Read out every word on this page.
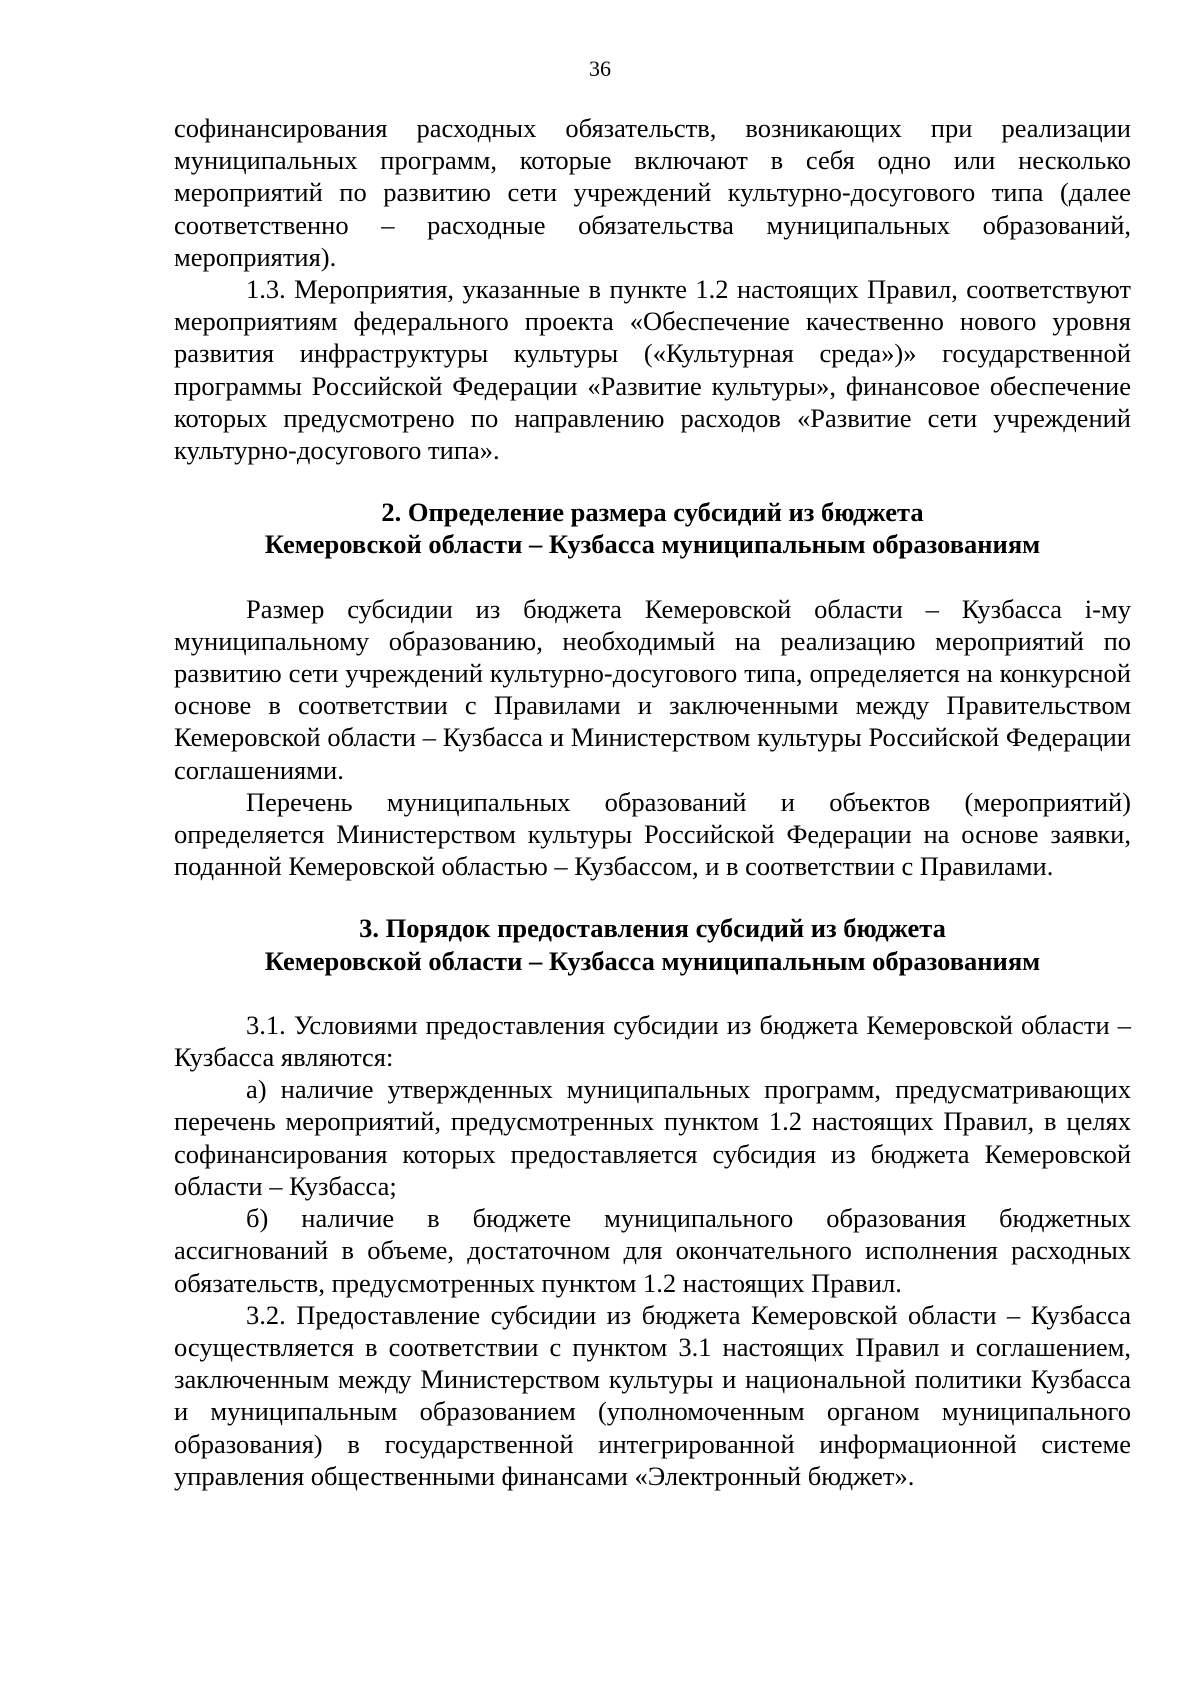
36

софинансирования расходных обязательств, возникающих при реализации муниципальных программ, которые включают в себя одно или несколько мероприятий по развитию сети учреждений культурно-досугового типа (далее соответственно – расходные обязательства муниципальных образований, мероприятия).

1.3. Мероприятия, указанные в пункте 1.2 настоящих Правил, соответствуют мероприятиям федерального проекта «Обеспечение качественно нового уровня развития инфраструктуры культуры («Культурная среда»)» государственной программы Российской Федерации «Развитие культуры», финансовое обеспечение которых предусмотрено по направлению расходов «Развитие сети учреждений культурно-досугового типа».

2. Определение размера субсидий из бюджета

Кемеровской области – Кузбасса муниципальным образованиям

Размер субсидии из бюджета Кемеровской области – Кузбасса i-му муниципальному образованию, необходимый на реализацию мероприятий по развитию сети учреждений культурно-досугового типа, определяется на конкурсной основе в соответствии с Правилами и заключенными между Правительством Кемеровской области – Кузбасса и Министерством культуры Российской Федерации соглашениями.

Перечень муниципальных образований и объектов (мероприятий) определяется Министерством культуры Российской Федерации на основе заявки, поданной Кемеровской областью – Кузбассом, и в соответствии с Правилами.

3. Порядок предоставления субсидий из бюджета

Кемеровской области – Кузбасса муниципальным образованиям

3.1. Условиями предоставления субсидии из бюджета Кемеровской области – Кузбасса являются:

а) наличие утвержденных муниципальных программ, предусматривающих перечень мероприятий, предусмотренных пунктом 1.2 настоящих Правил, в целях софинансирования которых предоставляется субсидия из бюджета Кемеровской области – Кузбасса;

б) наличие в бюджете муниципального образования бюджетных ассигнований в объеме, достаточном для окончательного исполнения расходных обязательств, предусмотренных пунктом 1.2 настоящих Правил.

3.2. Предоставление субсидии из бюджета Кемеровской области – Кузбасса осуществляется в соответствии с пунктом 3.1 настоящих Правил и соглашением, заключенным между Министерством культуры и национальной политики Кузбасса и муниципальным образованием (уполномоченным органом муниципального образования) в государственной интегрированной информационной системе управления общественными финансами «Электронный бюджет».
